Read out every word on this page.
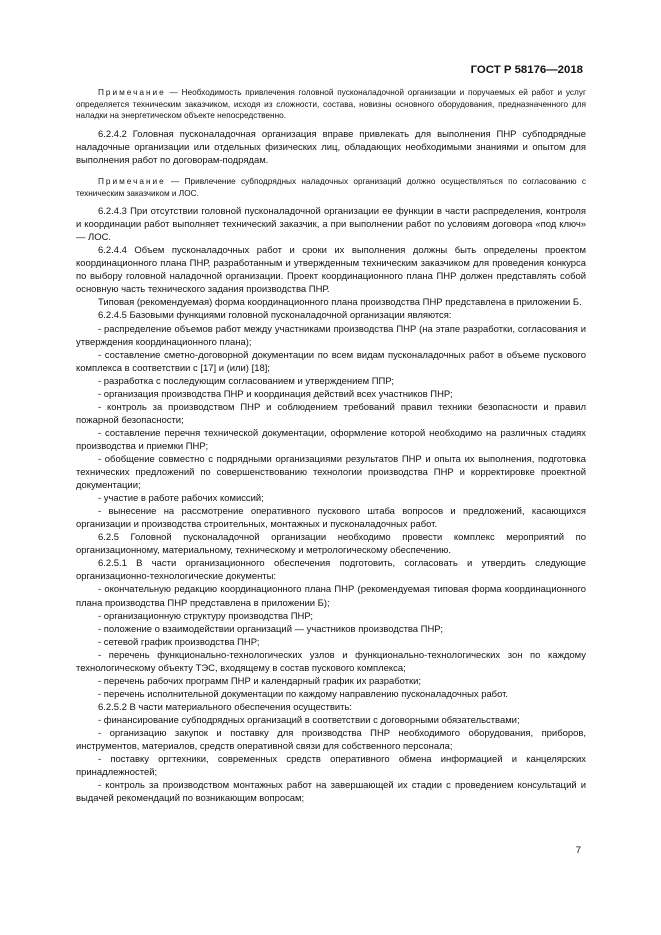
ГОСТ Р 58176—2018

Примечание — Необходимость привлечения головной пусконаладочной организации и поручаемых ей работ и услуг определяется техническим заказчиком, исходя из сложности, состава, новизны основного оборудования, предназначенного для наладки на энергетическом объекте непосредственно.

6.2.4.2 Головная пусконаладочная организация вправе привлекать для выполнения ПНР субподрядные наладочные организации или отдельных физических лиц, обладающих необходимыми знаниями и опытом для выполнения работ по договорам-подрядам.

Примечание — Привлечение субподрядных наладочных организаций должно осуществляться по согласованию с техническим заказчиком и ЛОС.

6.2.4.3 При отсутствии головной пусконаладочной организации ее функции в части распределения, контроля и координации работ выполняет технический заказчик, а при выполнении работ по условиям договора «под ключ» — ЛОС.

6.2.4.4 Объем пусконаладочных работ и сроки их выполнения должны быть определены проектом координационного плана ПНР, разработанным и утвержденным техническим заказчиком для проведения конкурса по выбору головной наладочной организации. Проект координационного плана ПНР должен представлять собой основную часть технического задания производства ПНР.

Типовая (рекомендуемая) форма координационного плана производства ПНР представлена в приложении Б.

6.2.4.5 Базовыми функциями головной пусконаладочной организации являются:

- распределение объемов работ между участниками производства ПНР (на этапе разработки, согласования и утверждения координационного плана);

- составление сметно-договорной документации по всем видам пусконаладочных работ в объеме пускового комплекса в соответствии с [17] и (или) [18];

- разработка с последующим согласованием и утверждением ППР;

- организация производства ПНР и координация действий всех участников ПНР;

- контроль за производством ПНР и соблюдением требований правил техники безопасности и правил пожарной безопасности;

- составление перечня технической документации, оформление которой необходимо на различных стадиях производства и приемки ПНР;

- обобщение совместно с подрядными организациями результатов ПНР и опыта их выполнения, подготовка технических предложений по совершенствованию технологии производства ПНР и корректировке проектной документации;

- участие в работе рабочих комиссий;

- вынесение на рассмотрение оперативного пускового штаба вопросов и предложений, касающихся организации и производства строительных, монтажных и пусконаладочных работ.

6.2.5 Головной пусконаладочной организации необходимо провести комплекс мероприятий по организационному, материальному, техническому и метрологическому обеспечению.

6.2.5.1 В части организационного обеспечения подготовить, согласовать и утвердить следующие организационно-технологические документы:

- окончательную редакцию координационного плана ПНР (рекомендуемая типовая форма координационного плана производства ПНР представлена в приложении Б);

- организационную структуру производства ПНР;

- положение о взаимодействии организаций — участников производства ПНР;

- сетевой график производства ПНР;

- перечень функционально-технологических узлов и функционально-технологических зон по каждому технологическому объекту ТЭС, входящему в состав пускового комплекса;

- перечень рабочих программ ПНР и календарный график их разработки;

- перечень исполнительной документации по каждому направлению пусконаладочных работ.

6.2.5.2 В части материального обеспечения осуществить:

- финансирование субподрядных организаций в соответствии с договорными обязательствами;

- организацию закупок и поставку для производства ПНР необходимого оборудования, приборов, инструментов, материалов, средств оперативной связи для собственного персонала;

- поставку оргтехники, современных средств оперативного обмена информацией и канцелярских принадлежностей;

- контроль за производством монтажных работ на завершающей их стадии с проведением консультаций и выдачей рекомендаций по возникающим вопросам;

7
